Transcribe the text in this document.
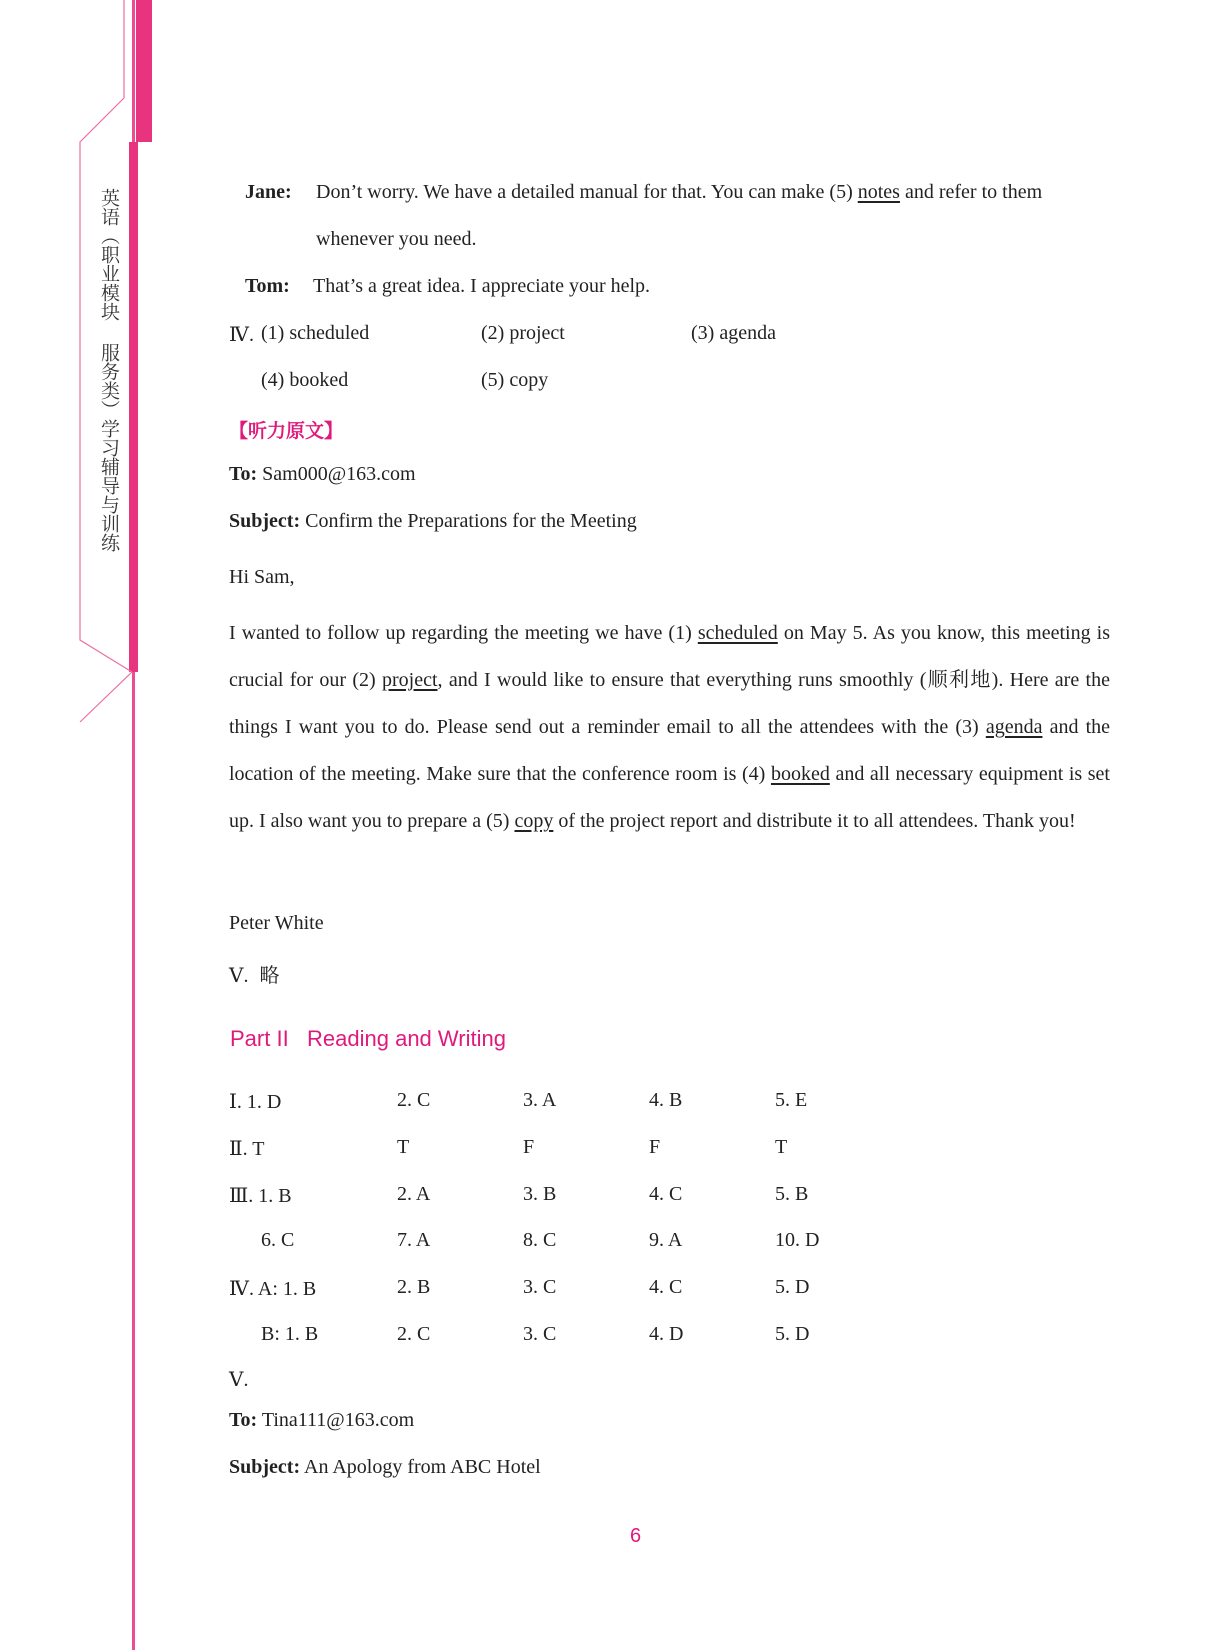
英语（职业模块 服务类）学习辅导与训练	Jane: Don’t worry. We have a detailed manual for that. You can make (5) notes and refer to them
whenever you need.
Tom: That’s a great idea. I appreciate your help.
Ⅳ. (1) scheduled	(2) project	(3) agenda
(4) booked	(5) copy
【听力原文】
To: Sam000@163.com
Subject: Confirm the Preparations for the Meeting
Hi Sam,
I wanted to follow up regarding the meeting we have (1) scheduled on May 5. As you know, this meeting is crucial for our (2) project, and I would like to ensure that everything runs smoothly (顺利地). Here are the things I want you to do. Please send out a reminder email to all the attendees with the (3) agenda and the location of the meeting. Make sure that the conference room is (4) booked and all necessary equipment is set up. I also want you to prepare a (5) copy of the project report and distribute it to all attendees. Thank you!
Peter White
Ⅴ. 略
Part II   Reading and Writing
Ⅰ. 1. D	2. C	3. A	4. B	5. E
Ⅱ. T	T	F	F	T
Ⅲ. 1. B	2. A	3. B	4. C	5. B
6. C	7. A	8. C	9. A	10. D
Ⅳ. A: 1. B	2. B	3. C	4. C	5. D
B: 1. B	2. C	3. C	4. D	5. D
Ⅴ.
To: Tina111@163.com
Subject: An Apology from ABC Hotel
6
